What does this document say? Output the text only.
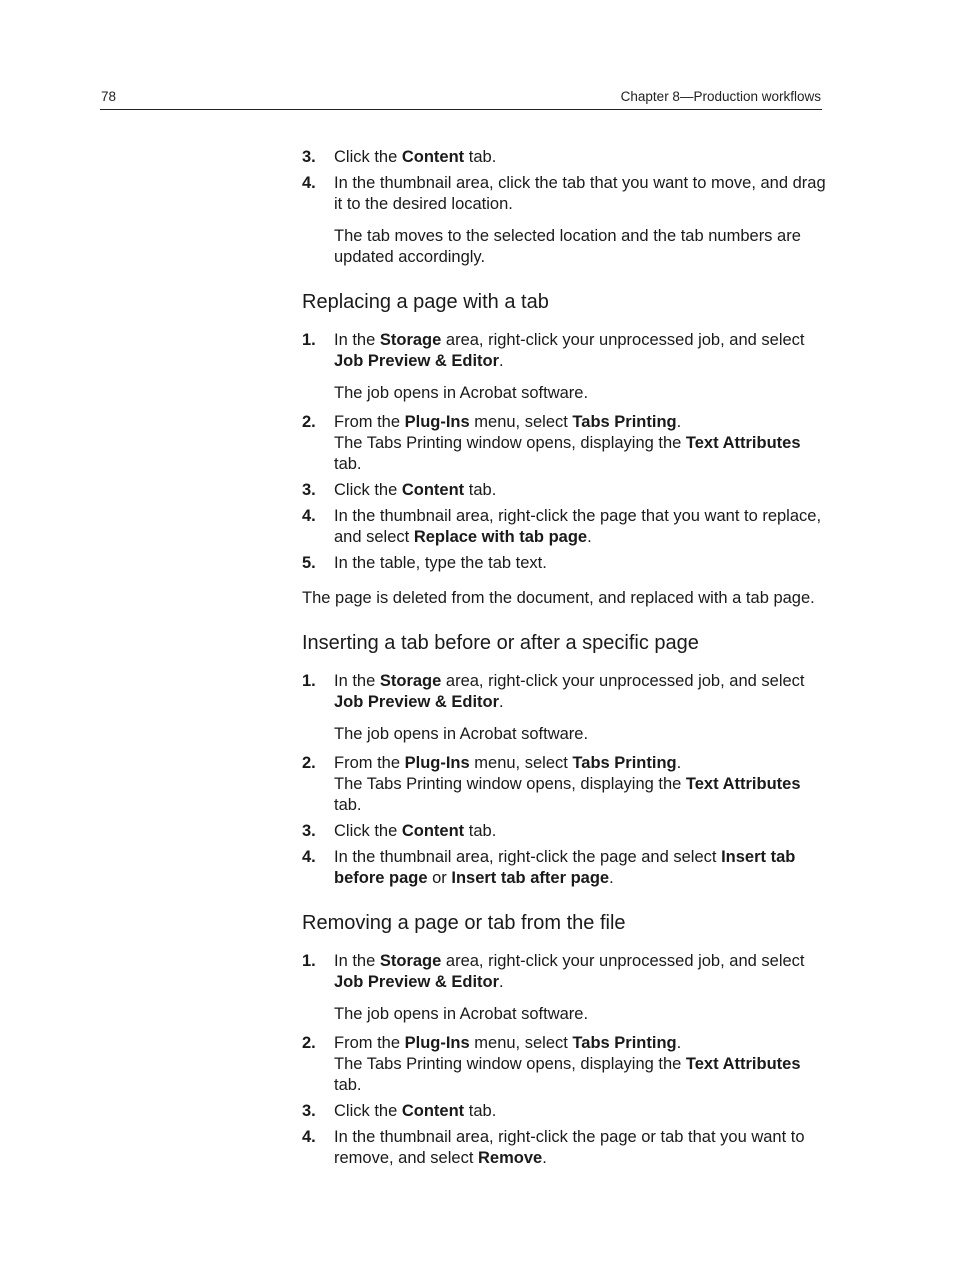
78	Chapter 8—Production workflows
3.	Click the Content tab.
4.	In the thumbnail area, click the tab that you want to move, and drag it to the desired location.
The tab moves to the selected location and the tab numbers are updated accordingly.
Replacing a page with a tab
1.	In the Storage area, right-click your unprocessed job, and select Job Preview & Editor.
The job opens in Acrobat software.
2.	From the Plug-Ins menu, select Tabs Printing.
The Tabs Printing window opens, displaying the Text Attributes tab.
3.	Click the Content tab.
4.	In the thumbnail area, right-click the page that you want to replace, and select Replace with tab page.
5.	In the table, type the tab text.
The page is deleted from the document, and replaced with a tab page.
Inserting a tab before or after a specific page
1.	In the Storage area, right-click your unprocessed job, and select Job Preview & Editor.
The job opens in Acrobat software.
2.	From the Plug-Ins menu, select Tabs Printing.
The Tabs Printing window opens, displaying the Text Attributes tab.
3.	Click the Content tab.
4.	In the thumbnail area, right-click the page and select Insert tab before page or Insert tab after page.
Removing a page or tab from the file
1.	In the Storage area, right-click your unprocessed job, and select Job Preview & Editor.
The job opens in Acrobat software.
2.	From the Plug-Ins menu, select Tabs Printing.
The Tabs Printing window opens, displaying the Text Attributes tab.
3.	Click the Content tab.
4.	In the thumbnail area, right-click the page or tab that you want to remove, and select Remove.
